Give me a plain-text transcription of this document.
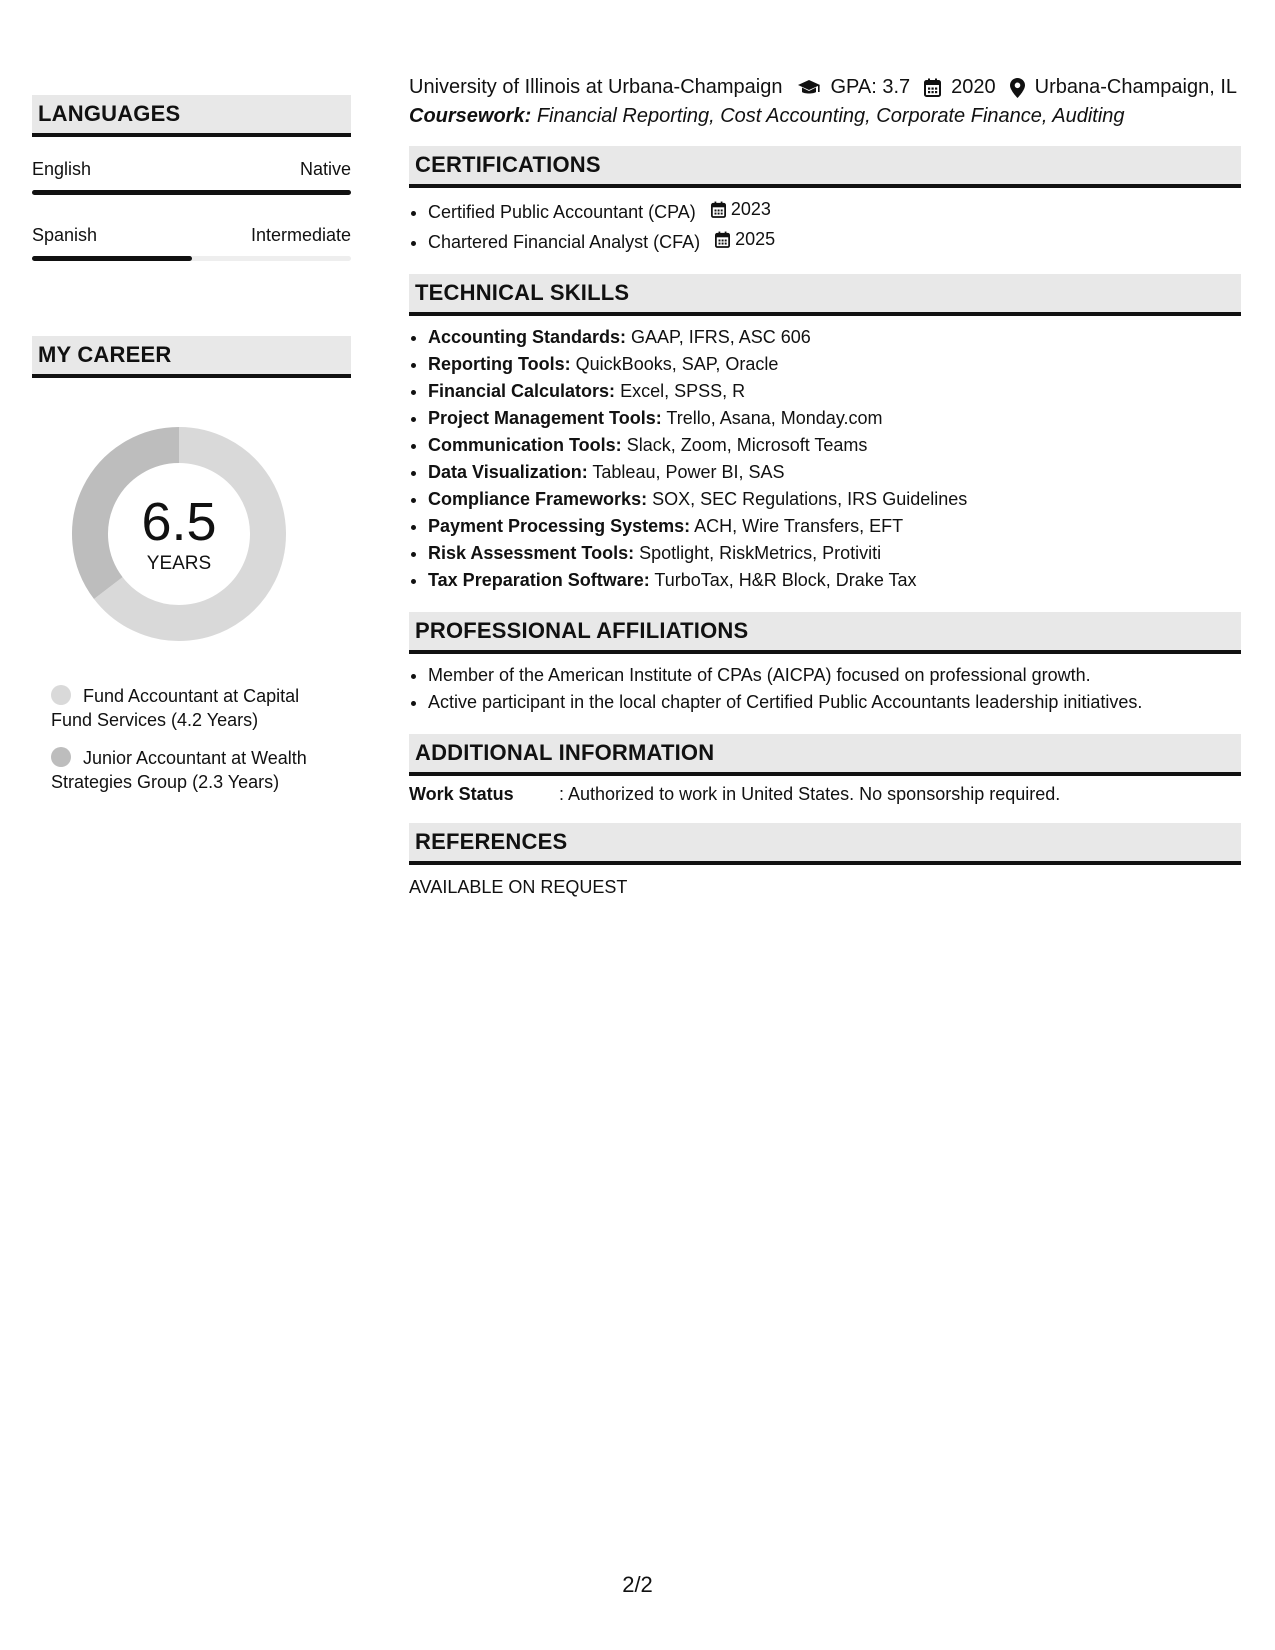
LANGUAGES
English	Native
Spanish	Intermediate
MY CAREER
6.5
YEARS
Fund Accountant at Capital Fund Services (4.2 Years)
Junior Accountant at Wealth Strategies Group (2.3 Years)
University of Illinois at Urbana-Champaign GPA: 3.7 2020 Urbana-Champaign, IL
Coursework: Financial Reporting, Cost Accounting, Corporate Finance, Auditing
CERTIFICATIONS
• Certified Public Accountant (CPA) 2023
• Chartered Financial Analyst (CFA) 2025
TECHNICAL SKILLS
• Accounting Standards: GAAP, IFRS, ASC 606
• Reporting Tools: QuickBooks, SAP, Oracle
• Financial Calculators: Excel, SPSS, R
• Project Management Tools: Trello, Asana, Monday.com
• Communication Tools: Slack, Zoom, Microsoft Teams
• Data Visualization: Tableau, Power BI, SAS
• Compliance Frameworks: SOX, SEC Regulations, IRS Guidelines
• Payment Processing Systems: ACH, Wire Transfers, EFT
• Risk Assessment Tools: Spotlight, RiskMetrics, Protiviti
• Tax Preparation Software: TurboTax, H&R Block, Drake Tax
PROFESSIONAL AFFILIATIONS
• Member of the American Institute of CPAs (AICPA) focused on professional growth.
• Active participant in the local chapter of Certified Public Accountants leadership initiatives.
ADDITIONAL INFORMATION
Work Status	: Authorized to work in United States. No sponsorship required.
REFERENCES
AVAILABLE ON REQUEST
2/2
